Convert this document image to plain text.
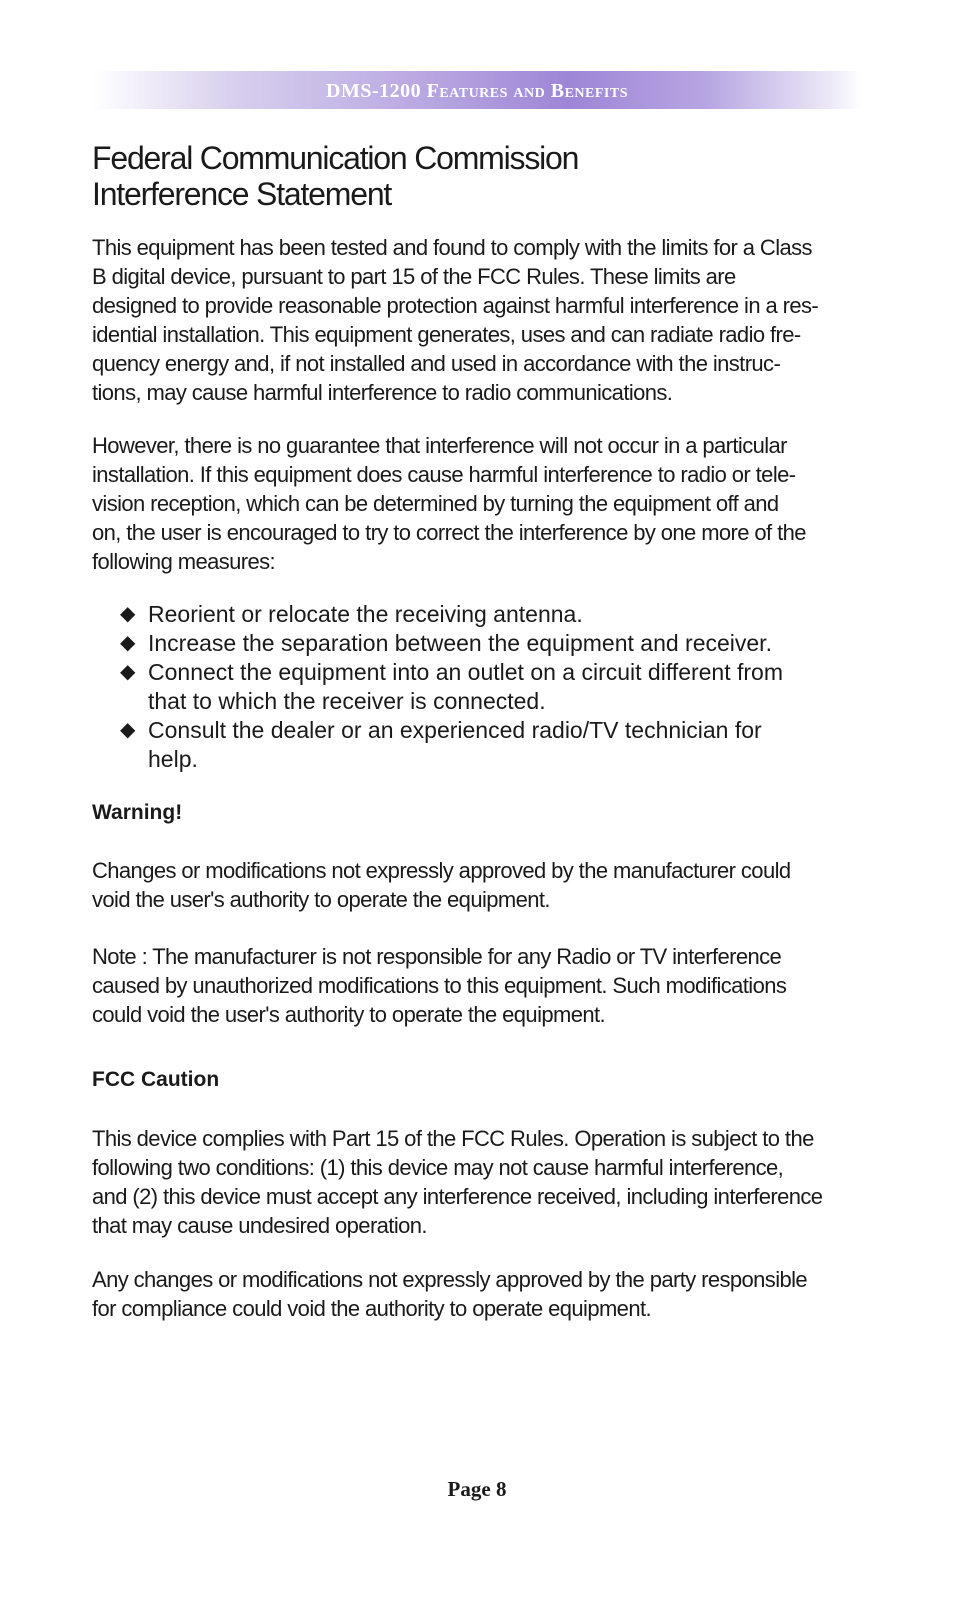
DMS-1200 Features and Benefits
Federal Communication Commission
Interference Statement

This equipment has been tested and found to comply with the limits for a Class
B digital device, pursuant to part 15 of the FCC Rules. These limits are
designed to provide reasonable protection against harmful interference in a res-
idential installation. This equipment generates, uses and can radiate radio fre-
quency energy and, if not installed and used in accordance with the instruc-
tions, may cause harmful interference to radio communications.

However, there is no guarantee that interference will not occur in a particular
installation. If this equipment does cause harmful interference to radio or tele-
vision reception, which can be determined by turning the equipment off and
on, the user is encouraged to try to correct the interference by one more of the
following measures:

◆ Reorient or relocate the receiving antenna.
◆ Increase the separation between the equipment and receiver.
◆ Connect the equipment into an outlet on a circuit different from
that to which the receiver is connected.
◆ Consult the dealer or an experienced radio/TV technician for
help.
Warning!

Changes or modifications not expressly approved by the manufacturer could
void the user's authority to operate the equipment.

Note : The manufacturer is not responsible for any Radio or TV interference
caused by unauthorized modifications to this equipment. Such modifications
could void the user's authority to operate the equipment.

FCC Caution

This device complies with Part 15 of the FCC Rules. Operation is subject to the
following two conditions: (1) this device may not cause harmful interference,
and (2) this device must accept any interference received, including interference
that may cause undesired operation.

Any changes or modifications not expressly approved by the party responsible
for compliance could void the authority to operate equipment.

Page 8
